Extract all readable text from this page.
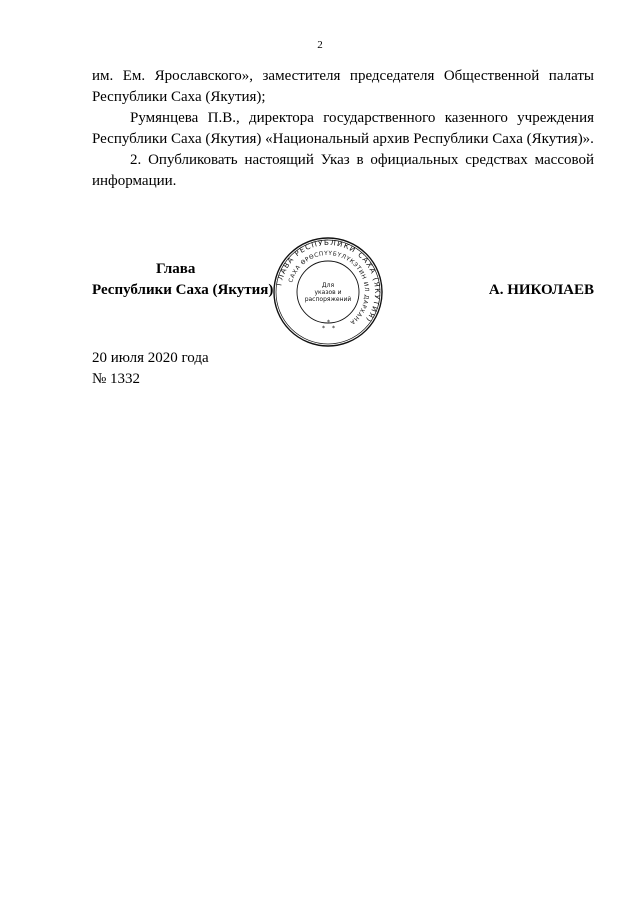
2

им. Ем. Ярославского», заместителя председателя Общественной палаты Республики Саха (Якутия);

Румянцева П.В., директора государственного казенного учреждения Республики Саха (Якутия) «Национальный архив Республики Саха (Якутия)».

2. Опубликовать настоящий Указ в официальных средствах массовой информации.

Глава
Республики Саха (Якутия) ГЛАВА РЕСПУБЛИКИ САХА (ЯКУТИЯ)
САХА ӨРӨСПҮҮБҮЛҮКЭТИН ИЛ ДАРХАНА
Для
указов и
распоряжений
* *
*
А. НИКОЛАЕВ
20 июля 2020 года
№ 1332
